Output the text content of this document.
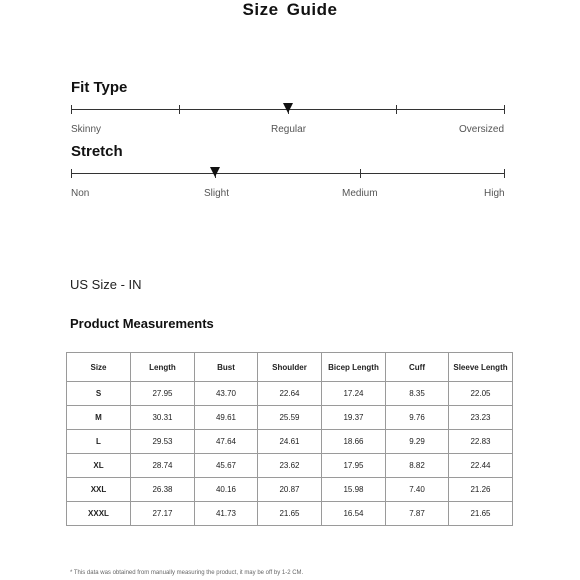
Size Guide
Fit Type
Skinny	Regular	Oversized
Stretch
Non	Slight	Medium	High
US Size - IN
Product Measurements
Size	Length	Bust	Shoulder	Bicep Length	Cuff	Sleeve Length
S	27.95	43.70	22.64	17.24	8.35	22.05
M	30.31	49.61	25.59	19.37	9.76	23.23
L	29.53	47.64	24.61	18.66	9.29	22.83
XL	28.74	45.67	23.62	17.95	8.82	22.44
XXL	26.38	40.16	20.87	15.98	7.40	21.26
XXXL	27.17	41.73	21.65	16.54	7.87	21.65
* This data was obtained from manually measuring the product, it may be off by 1-2 CM.
